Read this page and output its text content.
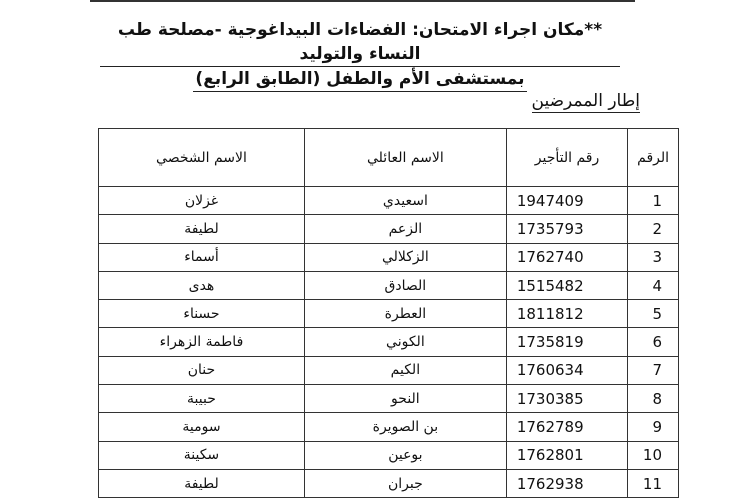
**مكان اجراء الامتحان: الفضاءات البيداغوجية -مصلحة طب النساء والتوليد
بمستشفى الأم والطفل (الطابق الرابع)
إطار الممرضين
الرقم	رقم التأجير	الاسم العائلي	الاسم الشخصي
1	1947409	اسعيدي	غزلان
2	1735793	الزعم	لطيفة
3	1762740	الزكلالي	أسماء
4	1515482	الصادق	هدى
5	1811812	العطرة	حسناء
6	1735819	الكوني	فاطمة الزهراء
7	1760634	الكيم	حنان
8	1730385	النحو	حبيبة
9	1762789	بن الصويرة	سومية
10	1762801	بوعين	سكينة
11	1762938	جبران	لطيفة
